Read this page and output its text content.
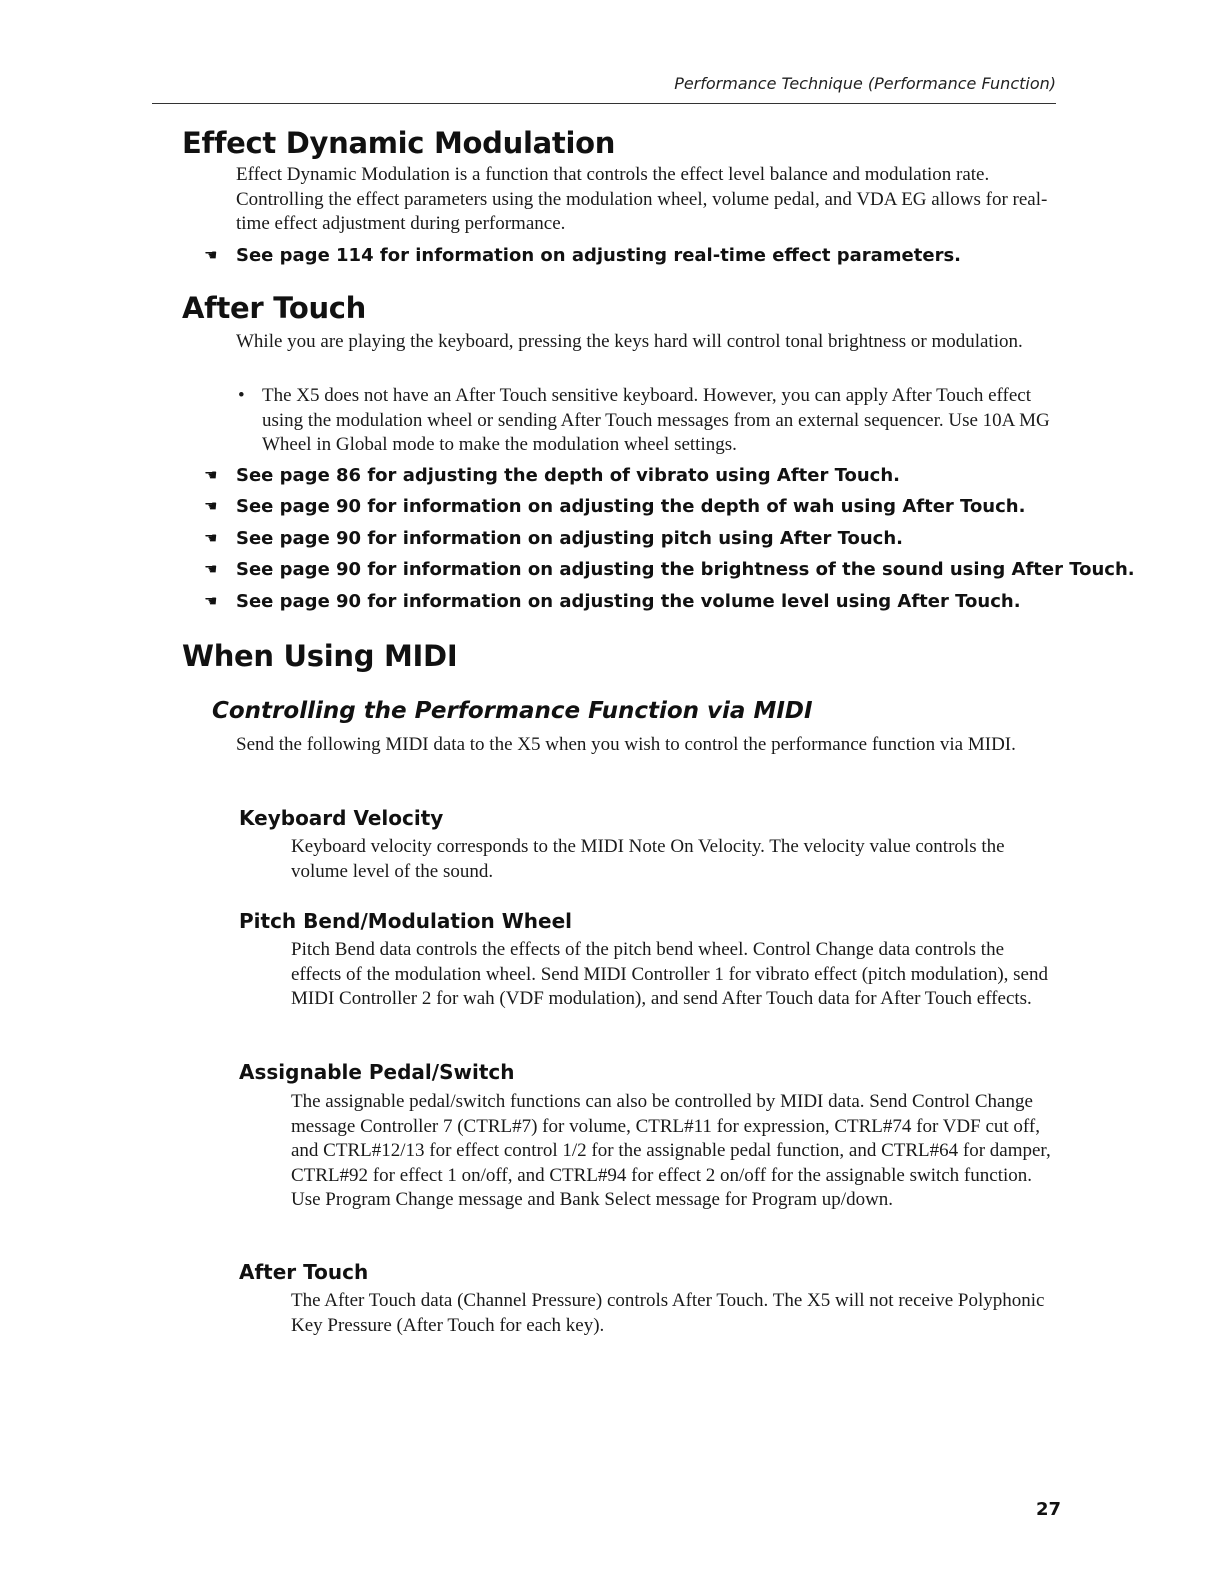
Performance Technique (Performance Function)
Effect Dynamic Modulation

Effect Dynamic Modulation is a function that controls the effect level balance and modulation rate. Controlling the effect parameters using the modulation wheel, volume pedal, and VDA EG allows for real-time effect adjustment during performance.

☚ See page 114 for information on adjusting real-time effect parameters.

After Touch

While you are playing the keyboard, pressing the keys hard will control tonal brightness or modulation.

• The X5 does not have an After Touch sensitive keyboard. However, you can apply After Touch effect using the modulation wheel or sending After Touch messages from an external sequencer. Use 10A MG Wheel in Global mode to make the modulation wheel settings.

☚ See page 86 for adjusting the depth of vibrato using After Touch.

☚ See page 90 for information on adjusting the depth of wah using After Touch.

☚ See page 90 for information on adjusting pitch using After Touch.

☚ See page 90 for information on adjusting the brightness of the sound using After Touch.

☚ See page 90 for information on adjusting the volume level using After Touch.

When Using MIDI
Controlling the Performance Function via MIDI

Send the following MIDI data to the X5 when you wish to control the performance function via MIDI.

Keyboard Velocity

Keyboard velocity corresponds to the MIDI Note On Velocity. The velocity value controls the volume level of the sound.

Pitch Bend/Modulation Wheel

Pitch Bend data controls the effects of the pitch bend wheel. Control Change data controls the effects of the modulation wheel. Send MIDI Controller 1 for vibrato effect (pitch modulation), send MIDI Controller 2 for wah (VDF modulation), and send After Touch data for After Touch effects.

Assignable Pedal/Switch

The assignable pedal/switch functions can also be controlled by MIDI data. Send Control Change message Controller 7 (CTRL#7) for volume, CTRL#11 for expression, CTRL#74 for VDF cut off, and CTRL#12/13 for effect control 1/2 for the assignable pedal function, and CTRL#64 for damper, CTRL#92 for effect 1 on/off, and CTRL#94 for effect 2 on/off for the assignable switch function. Use Program Change message and Bank Select message for Program up/down.

After Touch

The After Touch data (Channel Pressure) controls After Touch. The X5 will not receive Polyphonic Key Pressure (After Touch for each key).

27
